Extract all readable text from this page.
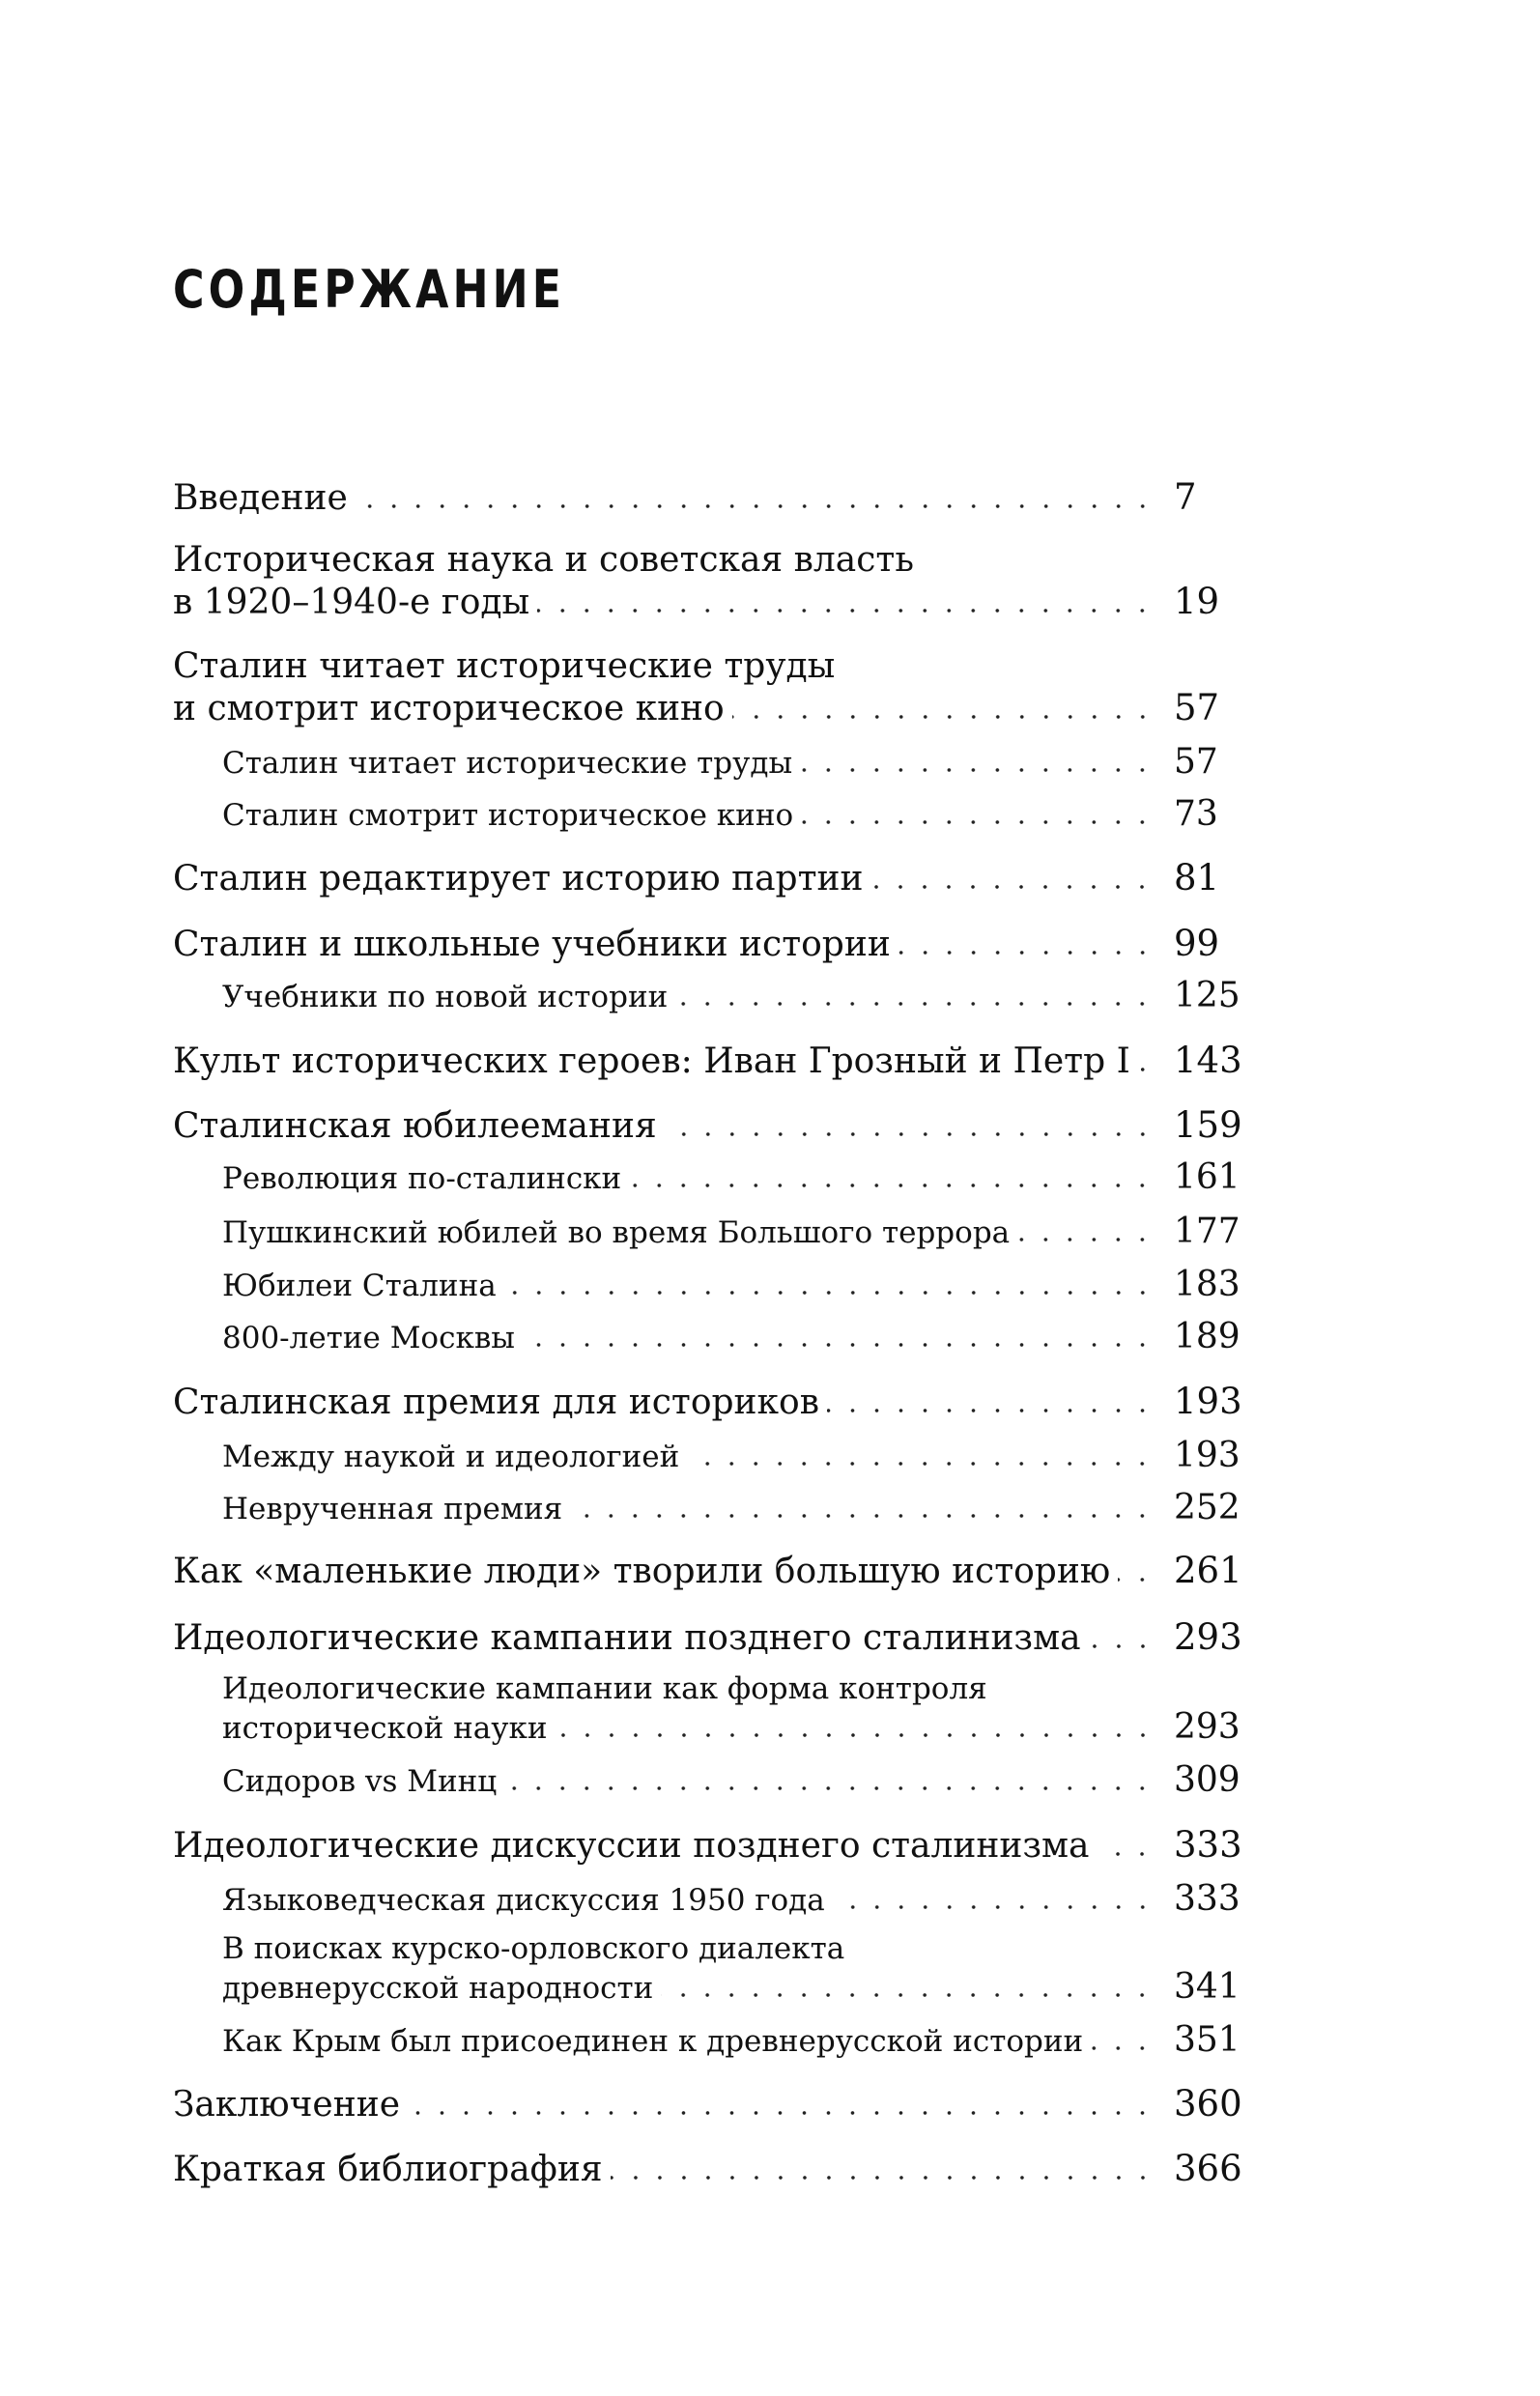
СОДЕРЖАНИЕ
Введение	7
Историческая наука и советская власть
в 1920–1940-е годы	19
Сталин читает исторические труды
и смотрит историческое кино	57
Сталин читает исторические труды	57
Сталин смотрит историческое кино	73
Сталин редактирует историю партии	81
Сталин и школьные учебники истории	99
Учебники по новой истории	125
Культ исторических героев: Иван Грозный и Петр I 143
Сталинская юбилеемания	159
Революция по-сталински	161
Пушкинский юбилей во время Большого террора	177
Юбилеи Сталина	183
800-летие Москвы	189
Сталинская премия для историков	193
Между наукой и идеологией	193
Неврученная премия	252
Как «маленькие люди» творили большую историю 261
Идеологические кампании позднего сталинизма	293
Идеологические кампании как форма контроля
исторической науки	293
Сидоров vs Минц	309
Идеологические дискуссии позднего сталинизма 333
Языковедческая дискуссия 1950 года	333
В поисках курско-орловского диалекта
древнерусской народности	341
Как Крым был присоединен к древнерусской истории	351
Заключение	360
Краткая библиография	366
